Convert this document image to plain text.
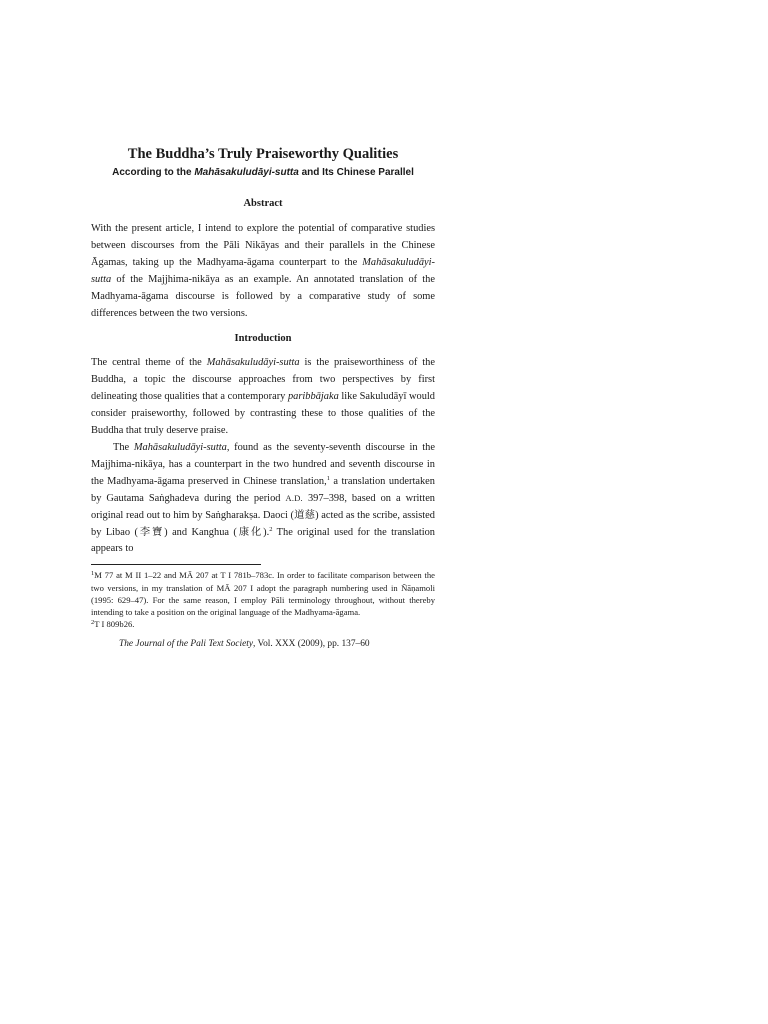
The Buddha’s Truly Praiseworthy Qualities

According to the Mahāsakuludāyi-sutta and Its Chinese Parallel

Abstract

With the present article, I intend to explore the potential of comparative studies between discourses from the Pāli Nikāyas and their parallels in the Chinese Āgamas, taking up the Madhyama-āgama counterpart to the Mahāsakuludāyi-sutta of the Majjhima-nikāya as an example. An annotated translation of the Madhyama-āgama discourse is followed by a comparative study of some differences between the two versions.

Introduction

The central theme of the Mahāsakuludāyi-sutta is the praiseworthiness of the Buddha, a topic the discourse approaches from two perspectives by first delineating those qualities that a contemporary paribbājaka like Sakuludāyī would consider praiseworthy, followed by contrasting these to those qualities of the Buddha that truly deserve praise.

The Mahāsakuludāyi-sutta, found as the seventy-seventh discourse in the Majjhima-nikāya, has a counterpart in the two hundred and seventh discourse in the Madhyama-āgama preserved in Chinese translation,$^1$ a translation undertaken by Gautama Saṅghadeva during the period A.D. 397–398, based on a written original read out to him by Saṅgharakṣa. Daoci (道慈) acted as the scribe, assisted by Libao (李寶) and Kanghua (康化).$^2$ The original used for the translation appears to

$^1$M 77 at M II 1–22 and MĀ 207 at T I 781b–783c. In order to facilitate comparison between the two versions, in my translation of MĀ 207 I adopt the paragraph numbering used in Ñāṇamoli (1995: 629–47). For the same reason, I employ Pāli terminology throughout, without thereby intending to take a position on the original language of the Madhyama-āgama.

$^2$T I 809b26.

The Journal of the Pali Text Society, Vol. XXX (2009), pp. 137–60
